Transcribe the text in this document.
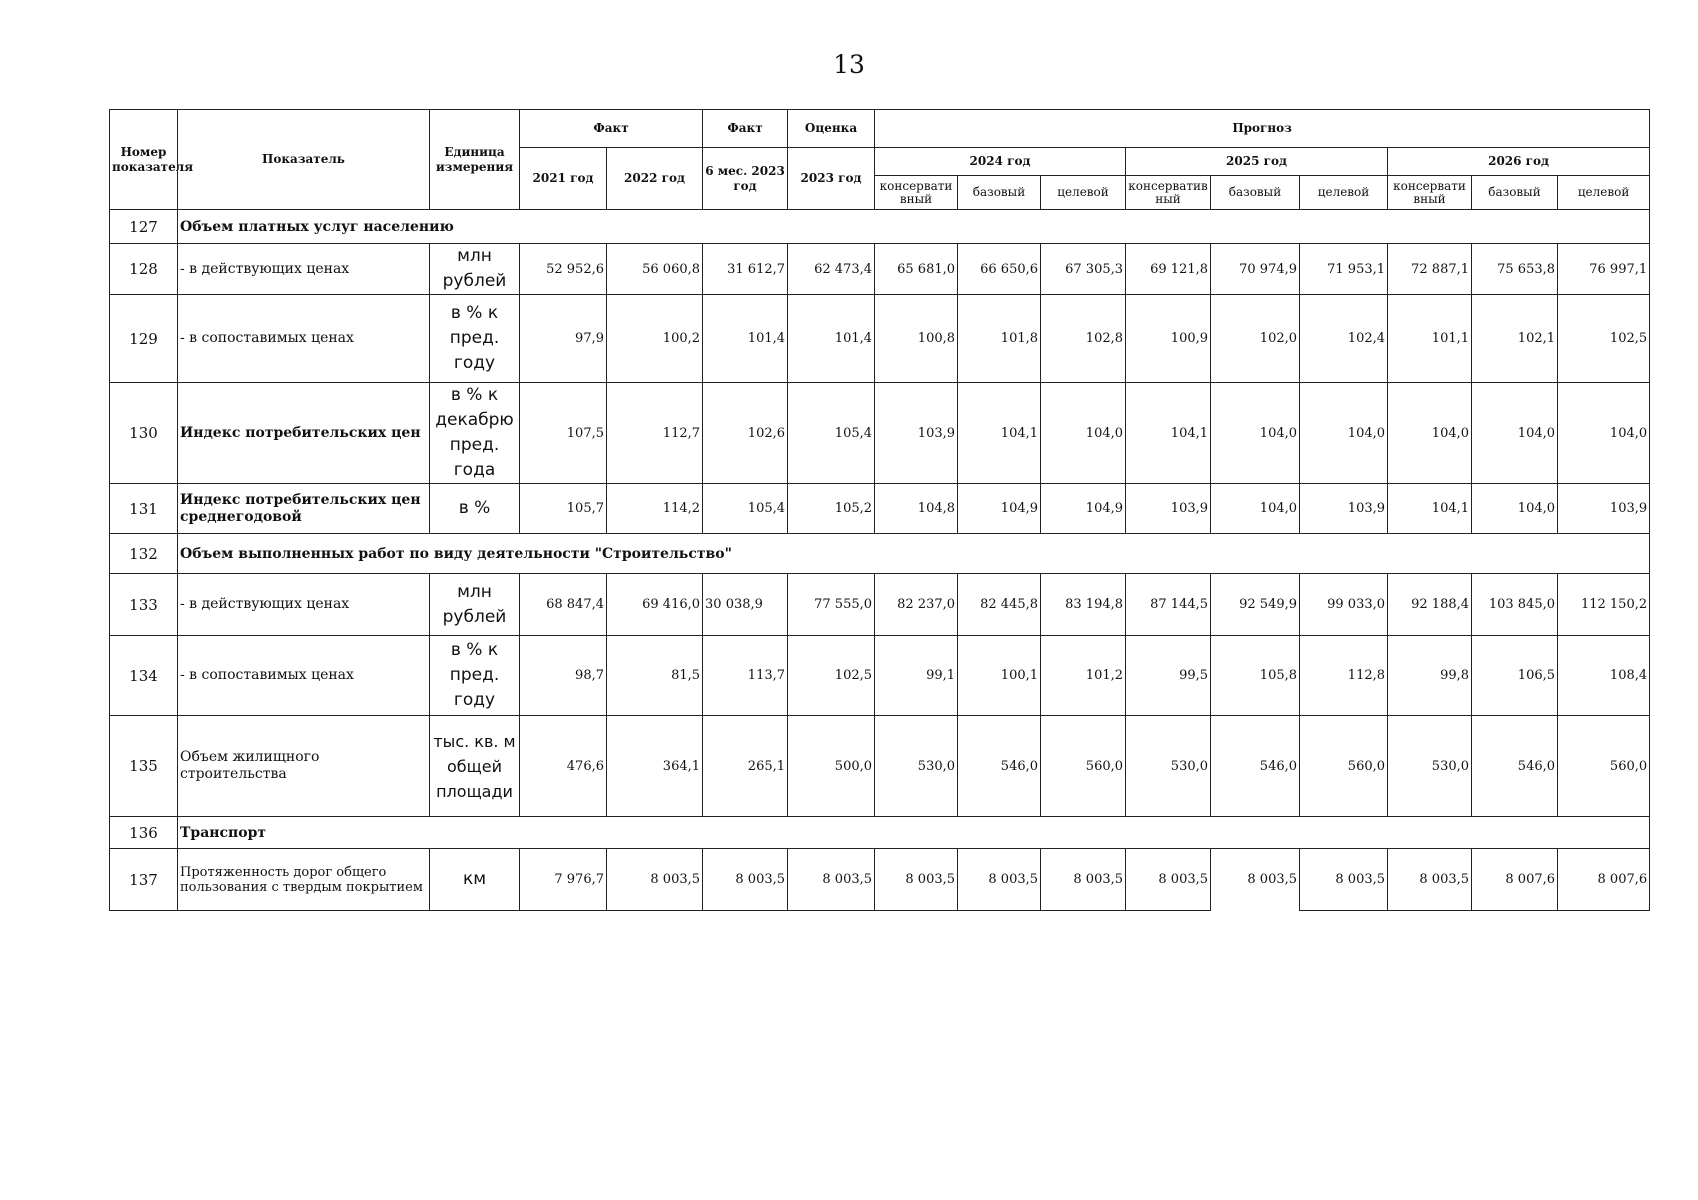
13
Номер показателя	Показатель	Единица измерения	Факт		Факт	Оценка	Прогноз								
			2021 год	2022 год	6 мес. 2023 год	2023 год	2024 год			2025 год			2026 год		
							консервативный	базовый	целевой	консервативный	базовый	целевой	консервативный	базовый	целевой
127	Объем платных услуг населению														
128	- в действующих ценах	млн рублей	52 952,6	56 060,8	31 612,7	62 473,4	65 681,0	66 650,6	67 305,3	69 121,8	70 974,9	71 953,1	72 887,1	75 653,8	76 997,1
129	- в сопоставимых ценах	в % к пред. году	97,9	100,2	101,4	101,4	100,8	101,8	102,8	100,9	102,0	102,4	101,1	102,1	102,5
130	Индекс потребительских цен	в % к декабрю пред. года	107,5	112,7	102,6	105,4	103,9	104,1	104,0	104,1	104,0	104,0	104,0	104,0	104,0
131	Индекс потребительских цен среднегодовой	в %	105,7	114,2	105,4	105,2	104,8	104,9	104,9	103,9	104,0	103,9	104,1	104,0	103,9
132	Объем выполненных работ по виду деятельности "Строительство"														
133	- в действующих ценах	млн рублей	68 847,4	69 416,0	30 038,9	77 555,0	82 237,0	82 445,8	83 194,8	87 144,5	92 549,9	99 033,0	92 188,4	103 845,0	112 150,2
134	- в сопоставимых ценах	в % к пред. году	98,7	81,5	113,7	102,5	99,1	100,1	101,2	99,5	105,8	112,8	99,8	106,5	108,4
135	Объем жилищного строительства	тыс. кв. м общей площади	476,6	364,1	265,1	500,0	530,0	546,0	560,0	530,0	546,0	560,0	530,0	546,0	560,0
136	Транспорт														
137	Протяженность дорог общего пользования с твердым покрытием	км	7 976,7	8 003,5	8 003,5	8 003,5	8 003,5	8 003,5	8 003,5	8 003,5	8 003,5	8 003,5	8 003,5	8 007,6	8 007,6
